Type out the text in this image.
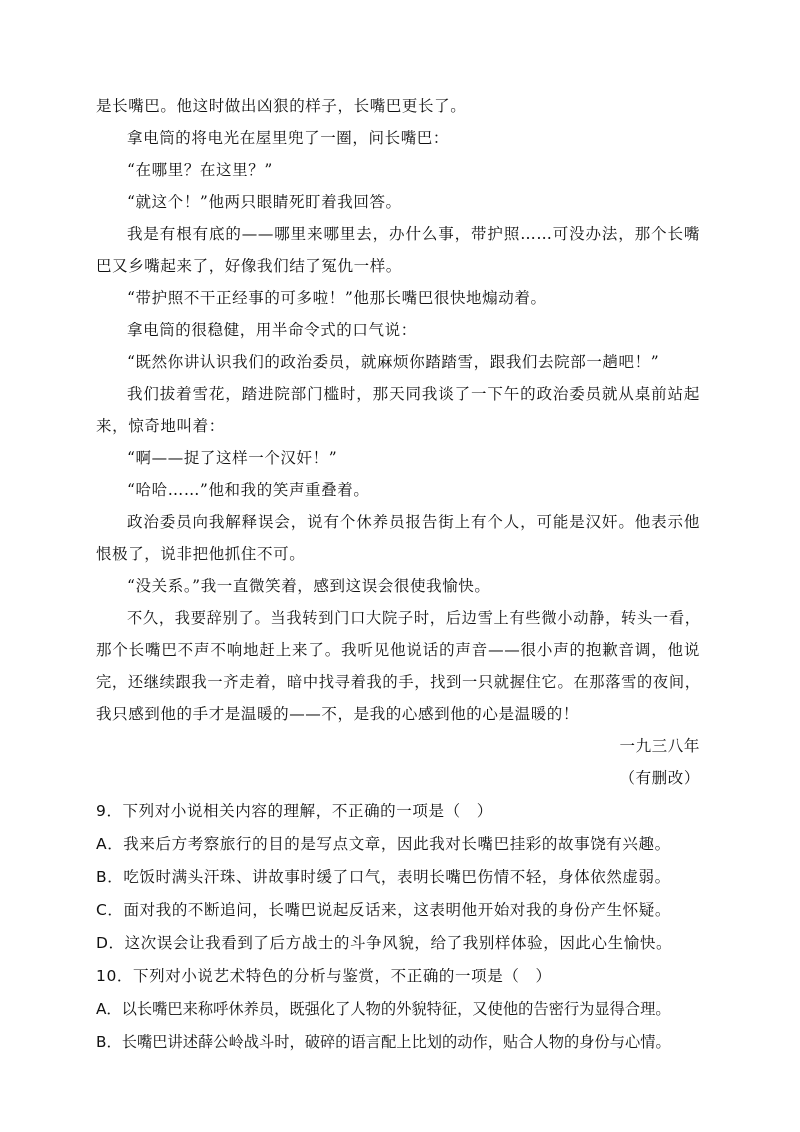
是长嘴巴。他这时做出凶狠的样子，长嘴巴更长了。
拿电筒的将电光在屋里兜了一圈，问长嘴巴：
“在哪里？在这里？”
“就这个！”他两只眼睛死盯着我回答。
我是有根有底的——哪里来哪里去，办什么事，带护照……可没办法，那个长嘴
巴又乡嘴起来了，好像我们结了冤仇一样。
“带护照不干正经事的可多啦！”他那长嘴巴很快地煽动着。
拿电筒的很稳健，用半命令式的口气说：
“既然你讲认识我们的政治委员，就麻烦你踏踏雪，跟我们去院部一趟吧！”
我们拔着雪花，踏进院部门槛时，那天同我谈了一下午的政治委员就从桌前站起
来，惊奇地叫着：
“啊——捉了这样一个汉奸！”
“哈哈……”他和我的笑声重叠着。
政治委员向我解释误会，说有个休养员报告街上有个人，可能是汉奸。他表示他
恨极了，说非把他抓住不可。
“没关系。”我一直微笑着，感到这误会很使我愉快。
不久，我要辞别了。当我转到门口大院子时，后边雪上有些微小动静，转头一看，
那个长嘴巴不声不响地赶上来了。我听见他说话的声音——很小声的抱歉音调，他说
完，还继续跟我一齐走着，暗中找寻着我的手，找到一只就握住它。在那落雪的夜间，
我只感到他的手才是温暖的——不，是我的心感到他的心是温暖的！
一九三八年
（有删改）
9．下列对小说相关内容的理解，不正确的一项是（　）
A．我来后方考察旅行的目的是写点文章，因此我对长嘴巴挂彩的故事饶有兴趣。
B．吃饭时满头汗珠、讲故事时缓了口气，表明长嘴巴伤情不轻，身体依然虚弱。
C．面对我的不断追问，长嘴巴说起反话来，这表明他开始对我的身份产生怀疑。
D．这次误会让我看到了后方战士的斗争风貌，给了我别样体验，因此心生愉快。
10．下列对小说艺术特色的分析与鉴赏，不正确的一项是（　）
A．以长嘴巴来称呼休养员，既强化了人物的外貌特征，又使他的告密行为显得合理。
B．长嘴巴讲述薛公岭战斗时，破碎的语言配上比划的动作，贴合人物的身份与心情。
